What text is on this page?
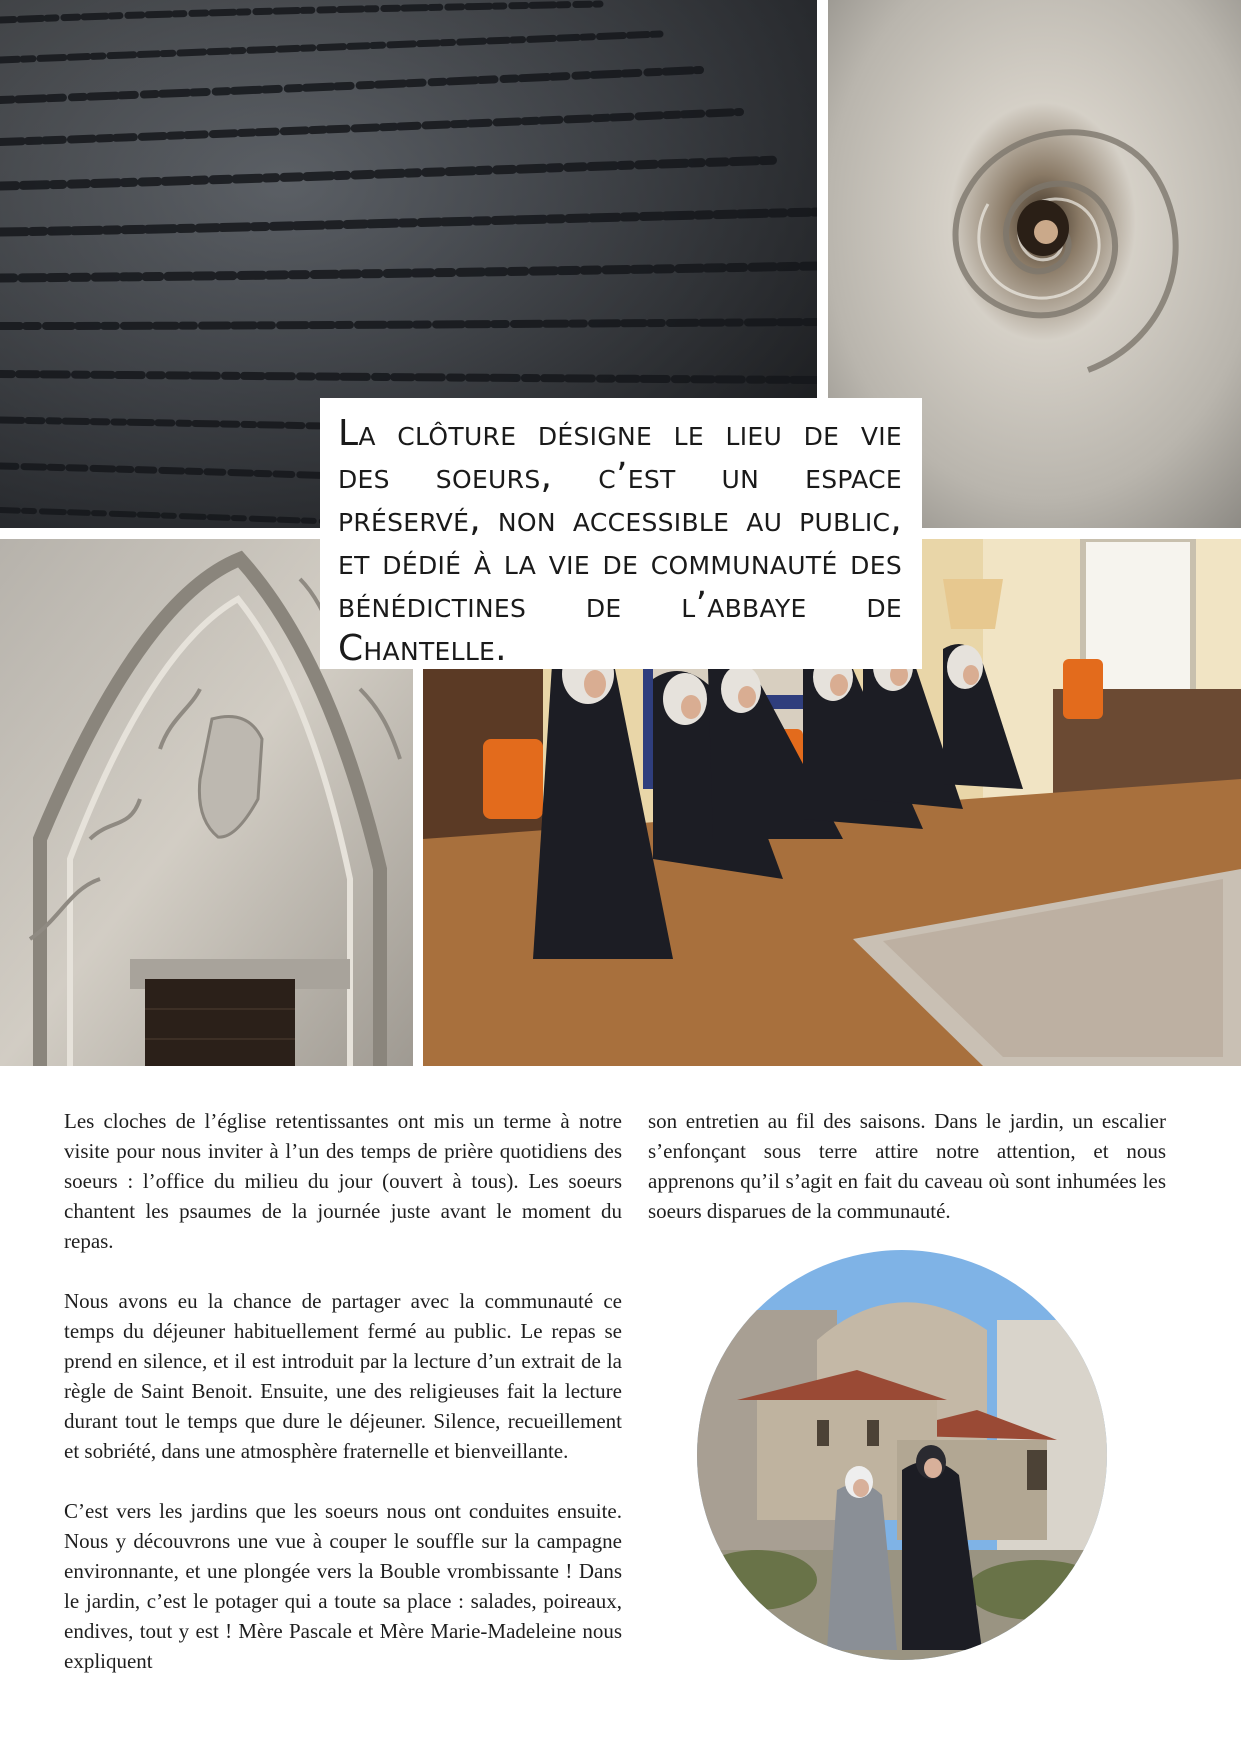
La clôture désigne le lieu de vie des soeurs, c’est un espace préservé, non accessible au public, et dédié à la vie de communauté des bénédictines de l’abbaye de Chantelle.

Les cloches de l’église retentissantes ont mis un terme à notre visite pour nous inviter à l’un des temps de prière quotidiens des soeurs : l’office du milieu du jour (ouvert à tous). Les soeurs chantent les psaumes de la journée juste avant le moment du repas.

Nous avons eu la chance de partager avec la communauté ce temps du déjeuner habituellement fermé au public. Le repas se prend en silence, et il est introduit par la lecture d’un extrait de la règle de Saint Benoit. Ensuite, une des religieuses fait la lecture durant tout le temps que dure le déjeuner. Silence, recueillement et sobriété, dans une atmosphère fraternelle et bienveillante.

C’est vers les jardins que les soeurs nous ont conduites ensuite. Nous y découvrons une vue à couper le souffle sur la campagne environnante, et une plongée vers la Bouble vrombissante ! Dans le jardin, c’est le potager qui a toute sa place : salades, poireaux, endives, tout y est ! Mère Pascale et Mère Marie-Madeleine nous expliquent

son entretien au fil des saisons. Dans le jardin, un escalier s’enfonçant sous terre attire notre attention, et nous apprenons qu’il s’agit en fait du caveau où sont inhumées les soeurs disparues de la communauté.
